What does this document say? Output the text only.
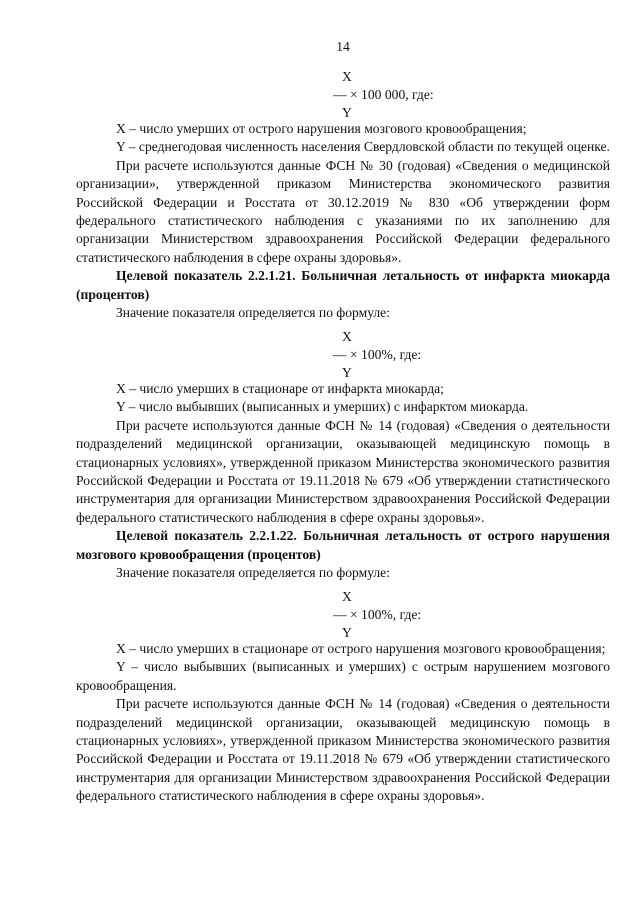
14
X
— × 100 000, где:
Y

X – число умерших от острого нарушения мозгового кровообращения;

Y – среднегодовая численность населения Свердловской области по текущей оценке.

При расчете используются данные ФСН № 30 (годовая) «Сведения о медицинской организации», утвержденной приказом Министерства экономического развития Российской Федерации и Росстата от 30.12.2019 № 830 «Об утверждении форм федерального статистического наблюдения с указаниями по их заполнению для организации Министерством здравоохранения Российской Федерации федерального статистического наблюдения в сфере охраны здоровья».

Целевой показатель 2.2.1.21. Больничная летальность от инфаркта миокарда (процентов)

Значение показателя определяется по формуле:

X
— × 100%, где:
Y

X – число умерших в стационаре от инфаркта миокарда;

Y – число выбывших (выписанных и умерших) с инфарктом миокарда.

При расчете используются данные ФСН № 14 (годовая) «Сведения о деятельности подразделений медицинской организации, оказывающей медицинскую помощь в стационарных условиях», утвержденной приказом Министерства экономического развития Российской Федерации и Росстата от 19.11.2018 № 679 «Об утверждении статистического инструментария для организации Министерством здравоохранения Российской Федерации федерального статистического наблюдения в сфере охраны здоровья».

Целевой показатель 2.2.1.22. Больничная летальность от острого нарушения мозгового кровообращения (процентов)

Значение показателя определяется по формуле:

X
— × 100%, где:
Y

X – число умерших в стационаре от острого нарушения мозгового кровообращения;

Y – число выбывших (выписанных и умерших) с острым нарушением мозгового кровообращения.

При расчете используются данные ФСН № 14 (годовая) «Сведения о деятельности подразделений медицинской организации, оказывающей медицинскую помощь в стационарных условиях», утвержденной приказом Министерства экономического развития Российской Федерации и Росстата от 19.11.2018 № 679 «Об утверждении статистического инструментария для организации Министерством здравоохранения Российской Федерации федерального статистического наблюдения в сфере охраны здоровья».
